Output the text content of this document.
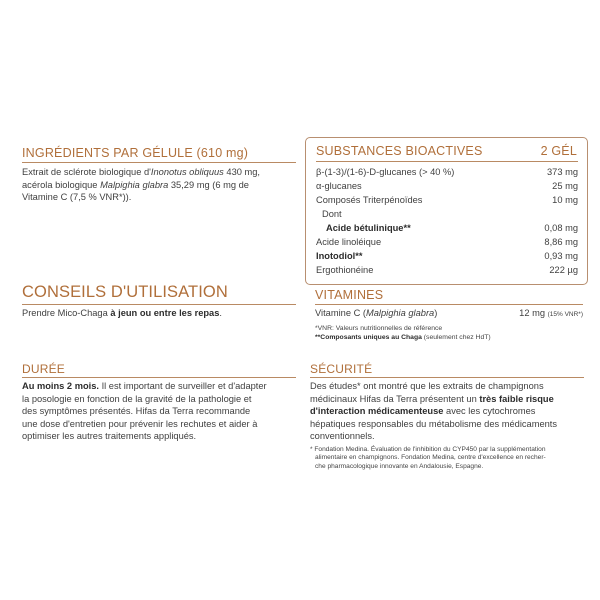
INGRÉDIENTS PAR GÉLULE (610 mg)
Extrait de sclérote biologique d'Inonotus obliquus 430 mg,
acérola biologique Malpighia glabra 35,29 mg (6 mg de
Vitamine C (7,5 % VNR*)).
SUBSTANCES BIOACTIVES	2 GÉL
β-(1-3)/(1-6)-D-glucanes (> 40 %)	373 mg
α-glucanes	25 mg
Composés Triterpénoïdes	10 mg
Dont
Acide bétulinique**	0,08 mg
Acide linoléique	8,86 mg
Inotodiol**	0,93 mg
Ergothionéine	222 µg
VITAMINES
Vitamine C (Malpighia glabra)	12 mg (15% VNR*)
*VNR: Valeurs nutritionnelles de référence
**Composants uniques au Chaga (seulement chez HdT)
CONSEILS D'UTILISATION
Prendre Mico-Chaga à jeun ou entre les repas.
DURÉE
Au moins 2 mois. Il est important de surveiller et d'adapter
la posologie en fonction de la gravité de la pathologie et
des symptômes présentés. Hifas da Terra recommande
une dose d'entretien pour prévenir les rechutes et aider à
optimiser les autres traitements appliqués.
SÉCURITÉ
Des études* ont montré que les extraits de champignons
médicinaux Hifas da Terra présentent un très faible risque
d'interaction médicamenteuse avec les cytochromes
hépatiques responsables du métabolisme des médicaments
conventionnels.
* Fondation Medina. Évaluation de l'inhibition du CYP450 par la supplémentation
alimentaire en champignons. Fondation Medina, centre d'excellence en recher-
che pharmacologique innovante en Andalousie, Espagne.
